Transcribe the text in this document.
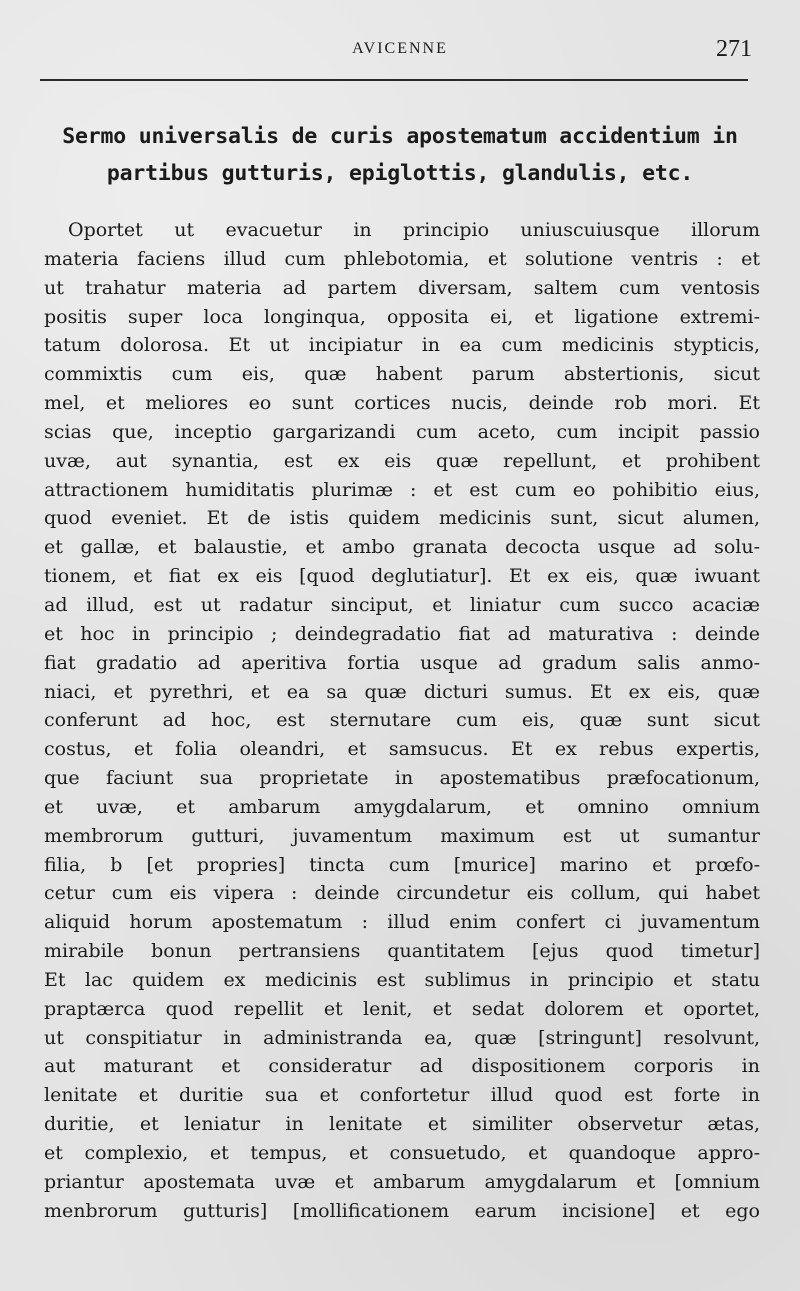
AVICENNE	271
Sermo universalis de curis apostematum accidentium in
partibus gutturis, epiglottis, glandulis, etc.
Oportet ut evacuetur in principio uniuscuiusque illorum
materia faciens illud cum phlebotomia, et solutione ventris : et
ut trahatur materia ad partem diversam, saltem cum ventosis
positis super loca longinqua, opposita ei, et ligatione extremi-
tatum dolorosa. Et ut incipiatur in ea cum medicinis stypticis,
commixtis cum eis, quæ habent parum abstertionis, sicut
mel, et meliores eo sunt cortices nucis, deinde rob mori. Et
scias que, inceptio gargarizandi cum aceto, cum incipit passio
uvæ, aut synantia, est ex eis quæ repellunt, et prohibent
attractionem humiditatis plurimæ : et est cum eo pohibitio eius,
quod eveniet. Et de istis quidem medicinis sunt, sicut alumen,
et gallæ, et balaustie, et ambo granata decocta usque ad solu-
tionem, et fiat ex eis [quod deglutiatur]. Et ex eis, quæ iwuant
ad illud, est ut radatur sinciput, et liniatur cum succo acaciæ
et hoc in principio ; deindegradatio fiat ad maturativa : deinde
fiat gradatio ad aperitiva fortia usque ad gradum salis anmo-
niaci, et pyrethri, et ea sa quæ dicturi sumus. Et ex eis, quæ
conferunt ad hoc, est sternutare cum eis, quæ sunt sicut
costus, et folia oleandri, et samsucus. Et ex rebus expertis,
que faciunt sua proprietate in apostematibus præfocationum,
et uvæ, et ambarum amygdalarum, et omnino omnium
membrorum gutturi, juvamentum maximum est ut sumantur
filia, b [et propries] tincta cum [murice] marino et prœfo-
cetur cum eis vipera : deinde circundetur eis collum, qui habet
aliquid horum apostematum : illud enim confert ci juvamentum
mirabile bonun pertransiens quantitatem [ejus quod timetur]
Et lac quidem ex medicinis est sublimus in principio et statu
praptærca quod repellit et lenit, et sedat dolorem et oportet,
ut conspitiatur in administranda ea, quæ [stringunt] resolvunt,
aut maturant et consideratur ad dispositionem corporis in
lenitate et duritie sua et confortetur illud quod est forte in
duritie, et leniatur in lenitate et similiter observetur ætas,
et complexio, et tempus, et consuetudo, et quandoque appro-
priantur apostemata uvæ et ambarum amygdalarum et [omnium
menbrorum gutturis] [mollificationem earum incisione] et ego
